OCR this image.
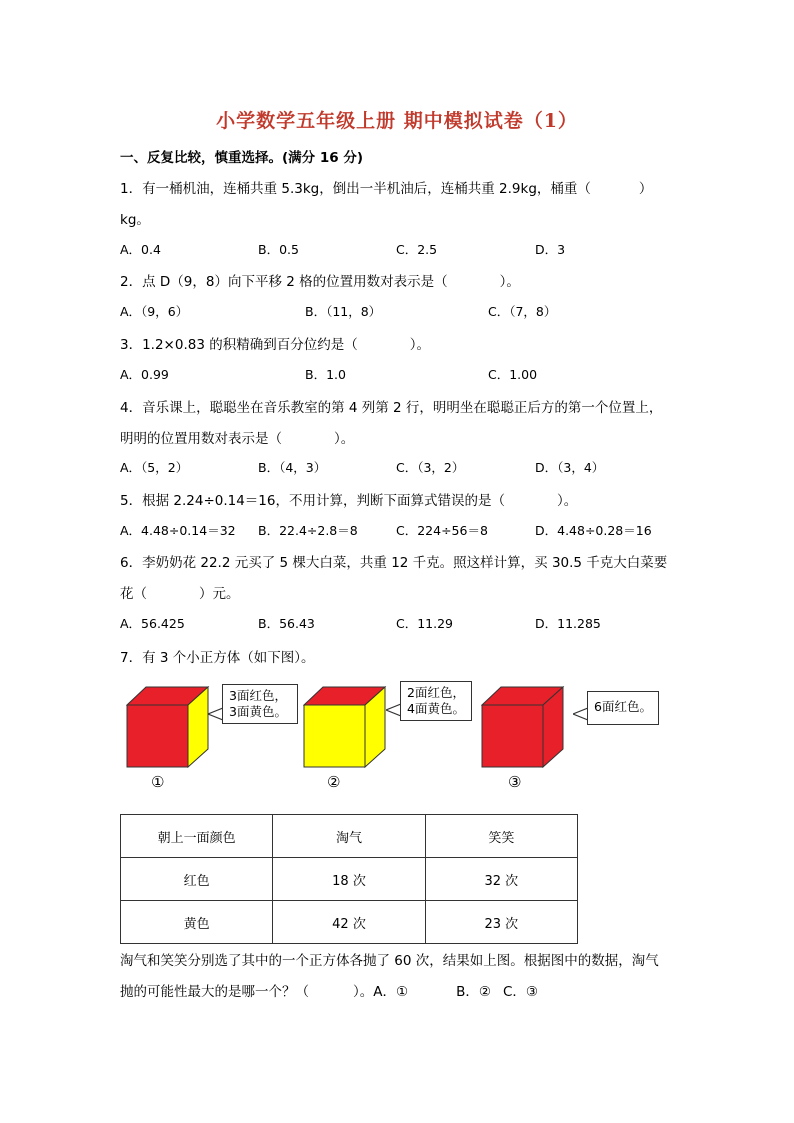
小学数学五年级上册 期中模拟试卷（1）
一、反复比较，慎重选择。(满分 16 分)
1．有一桶机油，连桶共重 5.3kg，倒出一半机油后，连桶共重 2.9kg，桶重（	）
kg。
A．0.4	B．0.5	C．2.5	D．3
2．点 D（9，8）向下平移 2 格的位置用数对表示是（	）。
A．（9，6）	B．（11，8）	C．（7，8）
3．1.2×0.83 的积精确到百分位约是（	）。
A．0.99	B．1.0	C．1.00
4．音乐课上，聪聪坐在音乐教室的第 4 列第 2 行，明明坐在聪聪正后方的第一个位置上，
明明的位置用数对表示是（	）。
A．（5，2）	B．（4，3）	C．（3，2）	D．（3，4）
5．根据 2.24÷0.14＝16，不用计算，判断下面算式错误的是（	）。
A．4.48÷0.14＝32 B．22.4÷2.8＝8	C．224÷56＝8	D．4.48÷0.28＝16
6．李奶奶花 22.2 元买了 5 棵大白菜，共重 12 千克。照这样计算，买 30.5 千克大白菜要
花（	）元。
A．56.425	B．56.43	C．11.29	D．11.285
7．有 3 个小正方体（如下图）。
3面红色，
3面黄色。
①
2面红色，
4面黄色。
②
6面红色。
③
朝上一面颜色	淘气	笑笑
红色	18 次	32 次
黄色	42 次	23 次
淘气和笑笑分别选了其中的一个正方体各抛了 60 次，结果如上图。根据图中的数据，淘气
抛的可能性最大的是哪一个？（	）。A．①	B．② C．③
